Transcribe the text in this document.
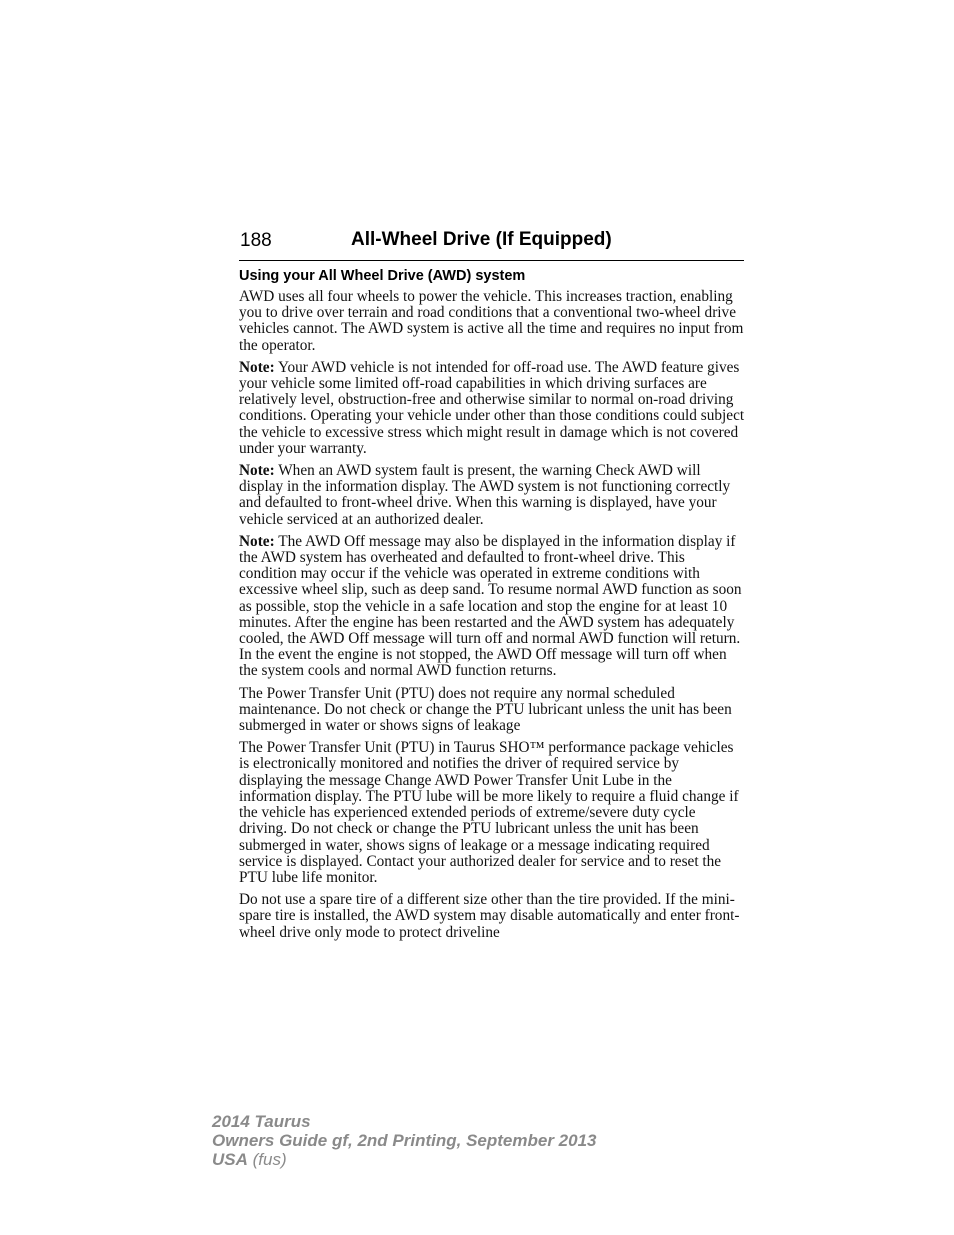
188	All-Wheel Drive (If Equipped)
Using your All Wheel Drive (AWD) system

AWD uses all four wheels to power the vehicle. This increases traction, enabling you to drive over terrain and road conditions that a conventional two-wheel drive vehicles cannot. The AWD system is active all the time and requires no input from the operator.

Note: Your AWD vehicle is not intended for off-road use. The AWD feature gives your vehicle some limited off-road capabilities in which driving surfaces are relatively level, obstruction-free and otherwise similar to normal on-road driving conditions. Operating your vehicle under other than those conditions could subject the vehicle to excessive stress which might result in damage which is not covered under your warranty.

Note: When an AWD system fault is present, the warning Check AWD will display in the information display. The AWD system is not functioning correctly and defaulted to front-wheel drive. When this warning is displayed, have your vehicle serviced at an authorized dealer.

Note: The AWD Off message may also be displayed in the information display if the AWD system has overheated and defaulted to front-wheel drive. This condition may occur if the vehicle was operated in extreme conditions with excessive wheel slip, such as deep sand. To resume normal AWD function as soon as possible, stop the vehicle in a safe location and stop the engine for at least 10 minutes. After the engine has been restarted and the AWD system has adequately cooled, the AWD Off message will turn off and normal AWD function will return. In the event the engine is not stopped, the AWD Off message will turn off when the system cools and normal AWD function returns.

The Power Transfer Unit (PTU) does not require any normal scheduled maintenance. Do not check or change the PTU lubricant unless the unit has been submerged in water or shows signs of leakage

The Power Transfer Unit (PTU) in Taurus SHO™ performance package vehicles is electronically monitored and notifies the driver of required service by displaying the message Change AWD Power Transfer Unit Lube in the information display. The PTU lube will be more likely to require a fluid change if the vehicle has experienced extended periods of extreme/severe duty cycle driving. Do not check or change the PTU lubricant unless the unit has been submerged in water, shows signs of leakage or a message indicating required service is displayed. Contact your authorized dealer for service and to reset the PTU lube life monitor.

Do not use a spare tire of a different size other than the tire provided. If the mini-spare tire is installed, the AWD system may disable automatically and enter front-wheel drive only mode to protect driveline

2014 Taurus
Owners Guide gf, 2nd Printing, September 2013
USA (fus)
